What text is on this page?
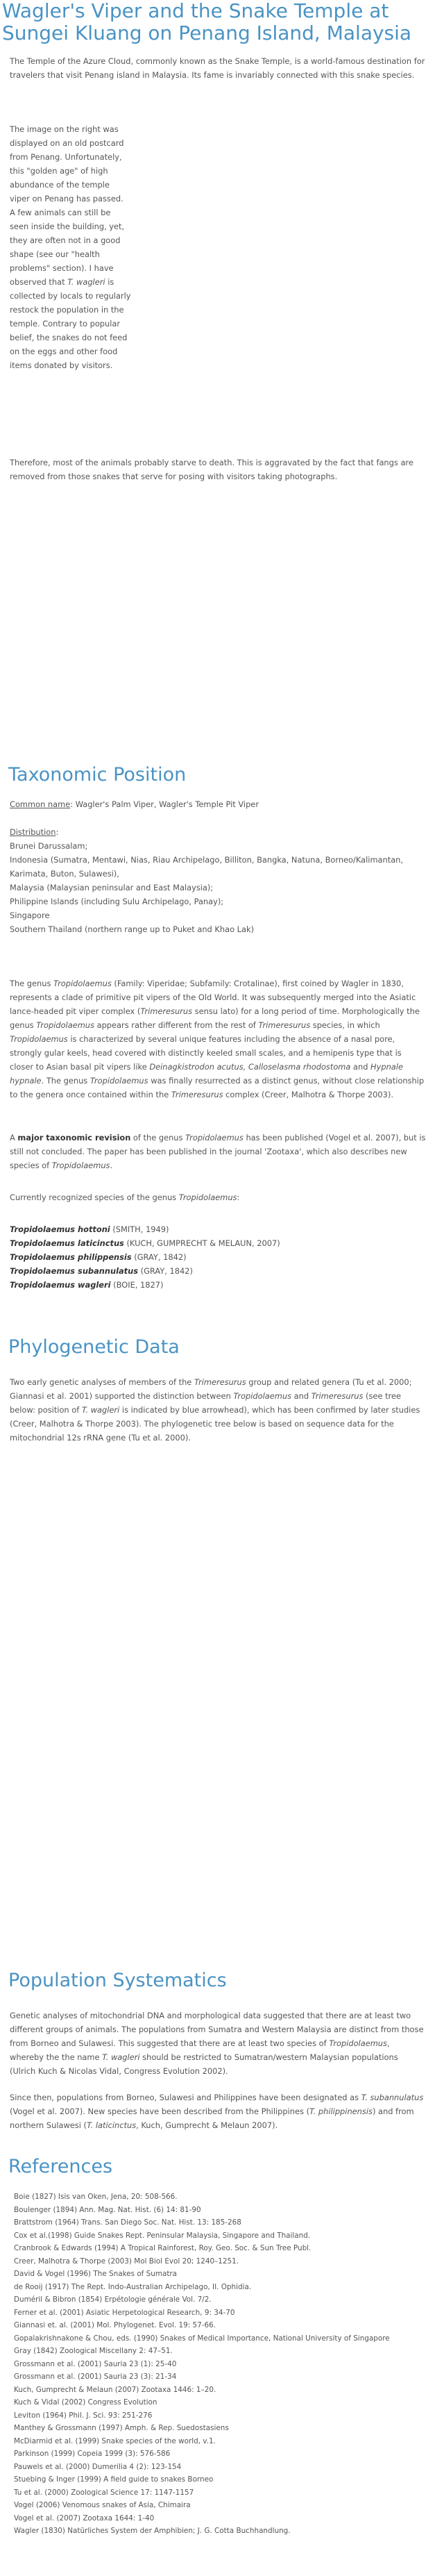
Wagler's Viper and the Snake Temple at Sungei Kluang on Penang Island, Malaysia

The Temple of the Azure Cloud, commonly known as the Snake Temple, is a world-famous destination for travelers that visit Penang island in Malaysia. Its fame is invariably connected with this snake species.

The image on the right was displayed on an old postcard from Penang. Unfortunately, this "golden age" of high abundance of the temple viper on Penang has passed. A few animals can still be seen inside the building, yet, they are often not in a good shape (see our "health problems" section). I have observed that T. wagleri is collected by locals to regularly restock the population in the temple. Contrary to popular belief, the snakes do not feed on the eggs and other food items donated by visitors.

Therefore, most of the animals probably starve to death. This is aggravated by the fact that fangs are removed from those snakes that serve for posing with visitors taking photographs.

Taxonomic Position

Common name: Wagler's Palm Viper, Wagler's Temple Pit Viper

Distribution:

Brunei Darussalam;

Indonesia (Sumatra, Mentawi, Nias, Riau Archipelago, Billiton, Bangka, Natuna, Borneo/Kalimantan, Karimata, Buton, Sulawesi),

Malaysia (Malaysian peninsular and East Malaysia);

Philippine Islands (including Sulu Archipelago, Panay);

Singapore

Southern Thailand (northern range up to Puket and Khao Lak)

The genus Tropidolaemus (Family: Viperidae; Subfamily: Crotalinae), first coined by Wagler in 1830, represents a clade of primitive pit vipers of the Old World. It was subsequently merged into the Asiatic lance-headed pit viper complex (Trimeresurus sensu lato) for a long period of time. Morphologically the genus Tropidolaemus appears rather different from the rest of Trimeresurus species, in which Tropidolaemus is characterized by several unique features including the absence of a nasal pore, strongly gular keels, head covered with distinctly keeled small scales, and a hemipenis type that is closer to Asian basal pit vipers like Deinagkistrodon acutus, Calloselasma rhodostoma and Hypnale hypnale. The genus Tropidolaemus was finally resurrected as a distinct genus, without close relationship to the genera once contained within the Trimeresurus complex (Creer, Malhotra & Thorpe 2003).

A major taxonomic revision of the genus Tropidolaemus has been published (Vogel et al. 2007), but is still not concluded. The paper has been published in the journal 'Zootaxa', which also describes new species of Tropidolaemus.

Currently recognized species of the genus Tropidolaemus:

Tropidolaemus hottoni (SMITH, 1949)

Tropidolaemus laticinctus (KUCH, GUMPRECHT & MELAUN, 2007)

Tropidolaemus philippensis (GRAY, 1842)

Tropidolaemus subannulatus (GRAY, 1842)

Tropidolaemus wagleri (BOIE, 1827)

Phylogenetic Data

Two early genetic analyses of members of the Trimeresurus group and related genera (Tu et al. 2000; Giannasi et al. 2001) supported the distinction between Tropidolaemus and Trimeresurus (see tree below: position of T. wagleri is indicated by blue arrowhead), which has been confirmed by later studies (Creer, Malhotra & Thorpe 2003). The phylogenetic tree below is based on sequence data for the mitochondrial 12s rRNA gene (Tu et al. 2000).

Population Systematics

Genetic analyses of mitochondrial DNA and morphological data suggested that there are at least two different groups of animals. The populations from Sumatra and Western Malaysia are distinct from those from Borneo and Sulawesi. This suggested that there are at least two species of Tropidolaemus, whereby the the name T. wagleri should be restricted to Sumatran/western Malaysian populations (Ulrich Kuch & Nicolas Vidal, Congress Evolution 2002).

Since then, populations from Borneo, Sulawesi and Philippines have been designated as T. subannulatus (Vogel et al. 2007). New species have been described from the Philippines (T. philippinensis) and from northern Sulawesi (T. laticinctus, Kuch, Gumprecht & Melaun 2007).

References
Boie (1827) Isis van Oken, Jena, 20: 508-566.
Boulenger (1894) Ann. Mag. Nat. Hist. (6) 14: 81-90
Brattstrom (1964) Trans. San Diego Soc. Nat. Hist. 13: 185-268
Cox et al.(1998) Guide Snakes Rept. Peninsular Malaysia, Singapore and Thailand.
Cranbrook & Edwards (1994) A Tropical Rainforest, Roy. Geo. Soc. & Sun Tree Publ.
Creer, Malhotra & Thorpe (2003) Mol Biol Evol 20; 1240–1251.
David & Vogel (1996) The Snakes of Sumatra
de Rooij (1917) The Rept. Indo-Australian Archipelago, II. Ophidia.
Duméril & Bibron (1854) Erpétologie générale Vol. 7/2.
Ferner et al. (2001) Asiatic Herpetological Research, 9: 34-70
Giannasi et. al. (2001) Mol. Phylogenet. Evol. 19: 57-66.
Gopalakrishnakone & Chou, eds. (1990) Snakes of Medical Importance, National University of Singapore
Gray (1842) Zoological Miscellany 2: 47–51.
Grossmann et al. (2001) Sauria 23 (1): 25-40
Grossmann et al. (2001) Sauria 23 (3): 21-34
Kuch, Gumprecht & Melaun (2007) Zootaxa 1446: 1–20.
Kuch & Vidal (2002) Congress Evolution
Leviton (1964) Phil. J. Sci. 93: 251-276
Manthey & Grossmann (1997) Amph. & Rep. Suedostasiens
McDiarmid et al. (1999) Snake species of the world, v.1.
Parkinson (1999) Copeia 1999 (3): 576-586
Pauwels et al. (2000) Dumerilia 4 (2): 123-154
Stuebing & Inger (1999) A field guide to snakes Borneo
Tu et al. (2000) Zoological Science 17: 1147-1157
Vogel (2006) Venomous snakes of Asia, Chimaira
Vogel et al. (2007) Zootaxa 1644: 1-40
Wagler (1830) Natürliches System der Amphibien; J. G. Cotta Buchhandlung.
